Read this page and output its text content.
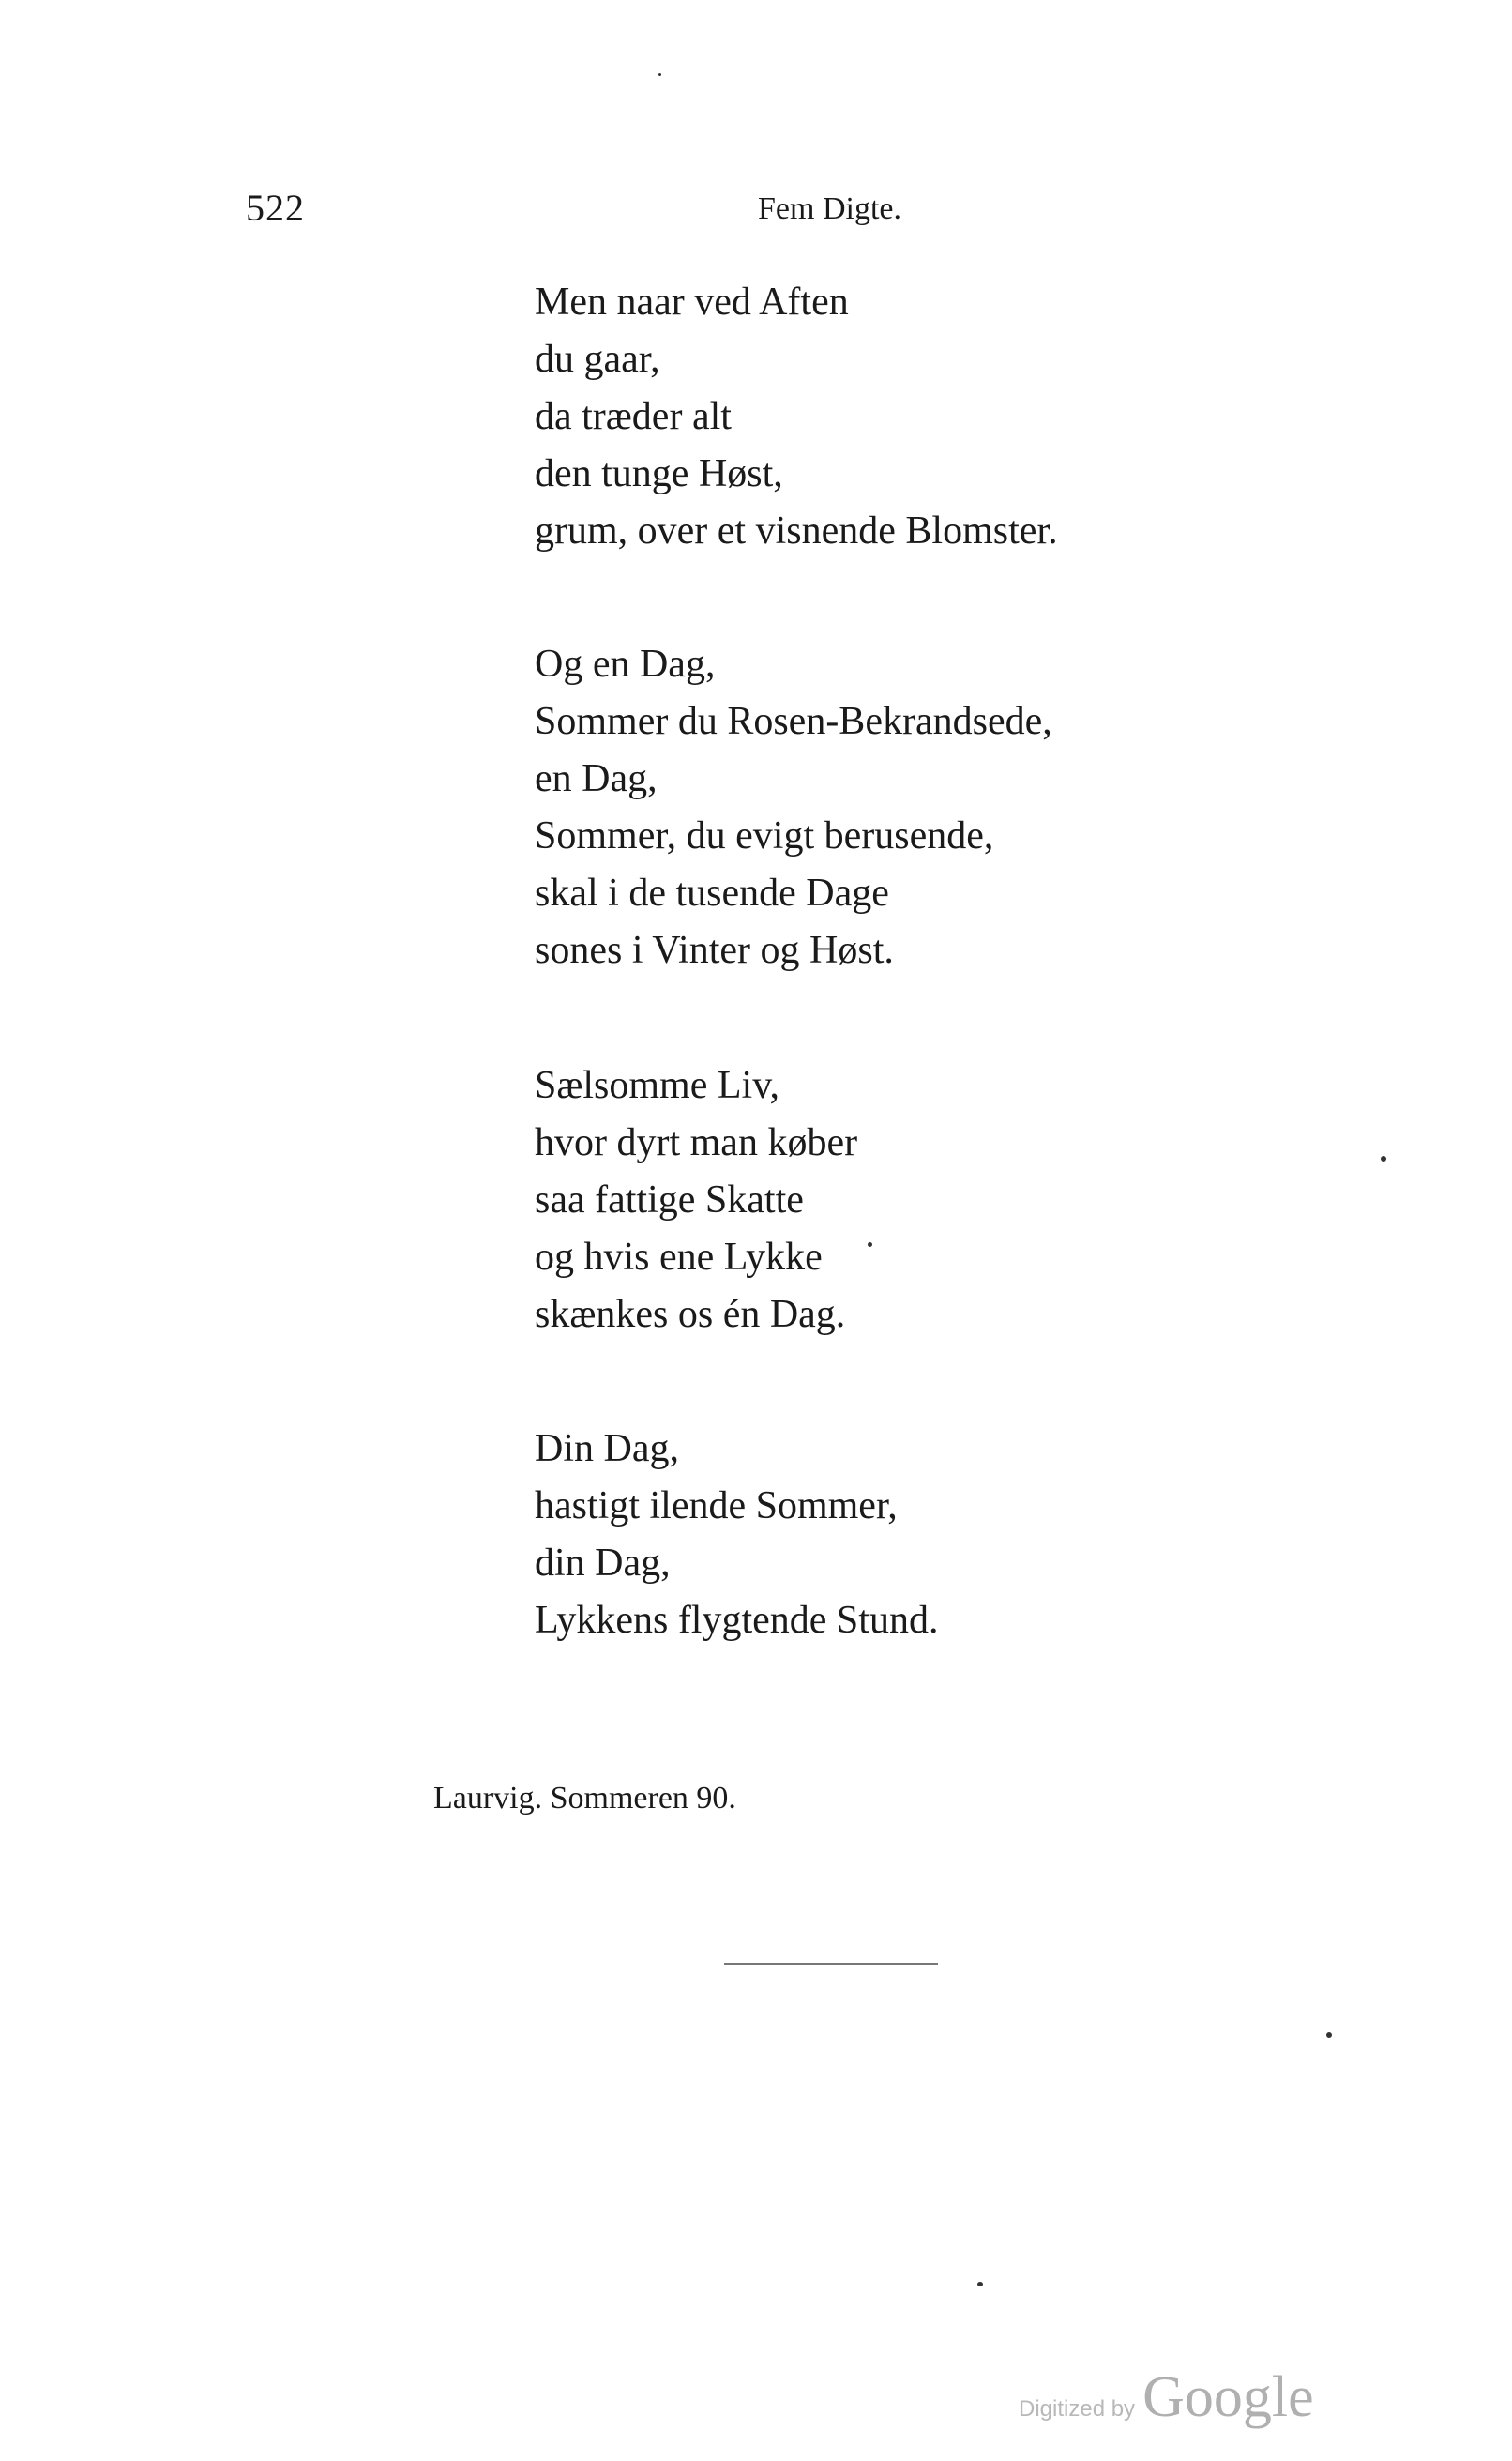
522	Fem Digte.
Men naar ved Aften
du gaar,
da træder alt
den tunge Høst,
grum, over et visnende Blomster.
Og en Dag,
Sommer du Rosen-Bekrandsede,
en Dag,
Sommer, du evigt berusende,
skal i de tusende Dage
sones i Vinter og Høst.
Sælsomme Liv,
hvor dyrt man køber
saa fattige Skatte
og hvis ene Lykke
skænkes os én Dag.
Din Dag,
hastigt ilende Sommer,
din Dag,
Lykkens flygtende Stund.
Laurvig. Sommeren 90.
Digitized by Google
